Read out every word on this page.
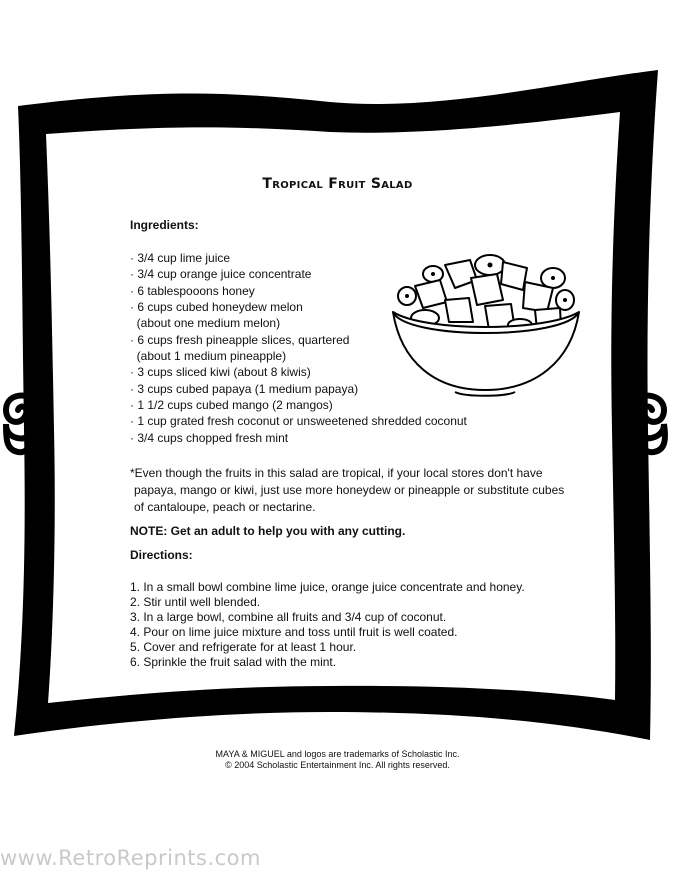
Tropical Fruit Salad
Ingredients:
· 3/4 cup lime juice
· 3/4 cup orange juice concentrate
· 6 tablespooons honey
· 6 cups cubed honeydew melon
(about one medium melon)
· 6 cups fresh pineapple slices, quartered
(about 1 medium pineapple)
· 3 cups sliced kiwi (about 8 kiwis)
· 3 cups cubed papaya (1 medium papaya)
· 1 1/2 cups cubed mango (2 mangos)
· 1 cup grated fresh coconut or unsweetened shredded coconut
· 3/4 cups chopped fresh mint
*Even though the fruits in this salad are tropical, if your local stores don't have
papaya, mango or kiwi, just use more honeydew or pineapple or substitute cubes
of cantaloupe, peach or nectarine.
NOTE: Get an adult to help you with any cutting.
Directions:
1. In a small bowl combine lime juice, orange juice concentrate and honey.
2. Stir until well blended.
3. In a large bowl, combine all fruits and 3/4 cup of coconut.
4. Pour on lime juice mixture and toss until fruit is well coated.
5. Cover and refrigerate for at least 1 hour.
6. Sprinkle the fruit salad with the mint.
MAYA & MIGUEL and logos are trademarks of Scholastic Inc.
© 2004 Scholastic Entertainment Inc. All rights reserved.
www.RetroReprints.com
